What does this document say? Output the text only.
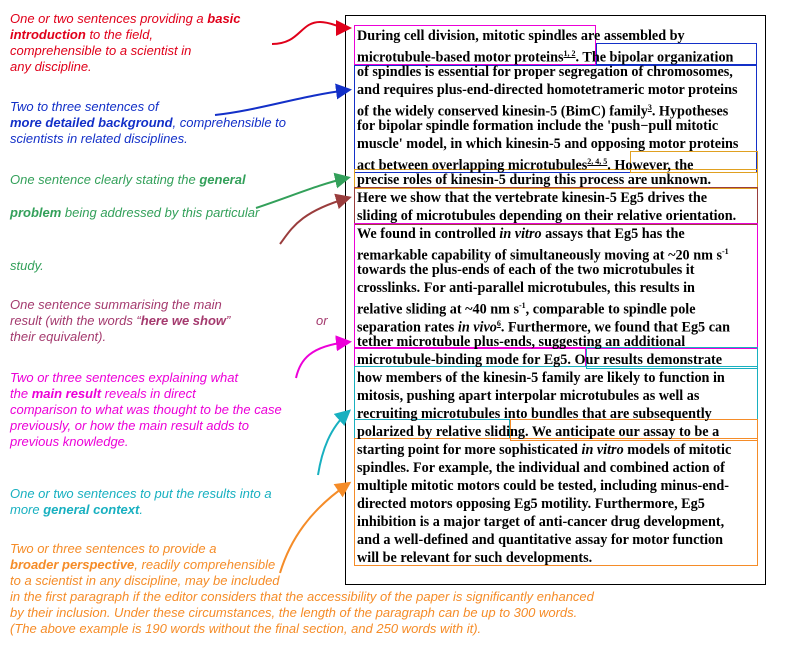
One or two sentences providing a basic
introduction to the field,
comprehensible to a scientist in
any discipline.
Two to three sentences of
more detailed background, comprehensible to
scientists in related disciplines.
One sentence clearly stating the general
problem being addressed by this particular
study.
One sentence summarising the main
result (with the words “here we show”	or
their equivalent).
Two or three sentences explaining what
the main result reveals in direct
comparison to what was thought to be the case
previously, or how the main result adds to
previous knowledge.
One or two sentences to put the results into a
more general context.
Two or three sentences to provide a
broader perspective, readily comprehensible
to a scientist in any discipline, may be included
in the first paragraph if the editor considers that the accessibility of the paper is significantly enhanced
by their inclusion. Under these circumstances, the length of the paragraph can be up to 300 words.
(The above example is 190 words without the final section, and 250 words with it).
During cell division, mitotic spindles are assembled by
microtubule-based motor proteins$^{1, 2}$. The bipolar organization
of spindles is essential for proper segregation of chromosomes,
and requires plus-end-directed homotetrameric motor proteins
of the widely conserved kinesin-5 (BimC) family$^3$. Hypotheses
for bipolar spindle formation include the 'push−pull mitotic
muscle' model, in which kinesin-5 and opposing motor proteins
act between overlapping microtubules$^{2, 4, 5}$. However, the
precise roles of kinesin-5 during this process are unknown.
Here we show that the vertebrate kinesin-5 Eg5 drives the
sliding of microtubules depending on their relative orientation.
We found in controlled in vitro assays that Eg5 has the
remarkable capability of simultaneously moving at ~20 nm $s^{-1}$
towards the plus-ends of each of the two microtubules it
crosslinks. For anti-parallel microtubules, this results in
relative sliding at ~40 nm $s^{-1}$, comparable to spindle pole
separation rates in vivo$^6$. Furthermore, we found that Eg5 can
tether microtubule plus-ends, suggesting an additional
microtubule-binding mode for Eg5. Our results demonstrate
how members of the kinesin-5 family are likely to function in
mitosis, pushing apart interpolar microtubules as well as
recruiting microtubules into bundles that are subsequently
polarized by relative sliding. We anticipate our assay to be a
starting point for more sophisticated in vitro models of mitotic
spindles. For example, the individual and combined action of
multiple mitotic motors could be tested, including minus-end-
directed motors opposing Eg5 motility. Furthermore, Eg5
inhibition is a major target of anti-cancer drug development,
and a well-defined and quantitative assay for motor function
will be relevant for such developments.
